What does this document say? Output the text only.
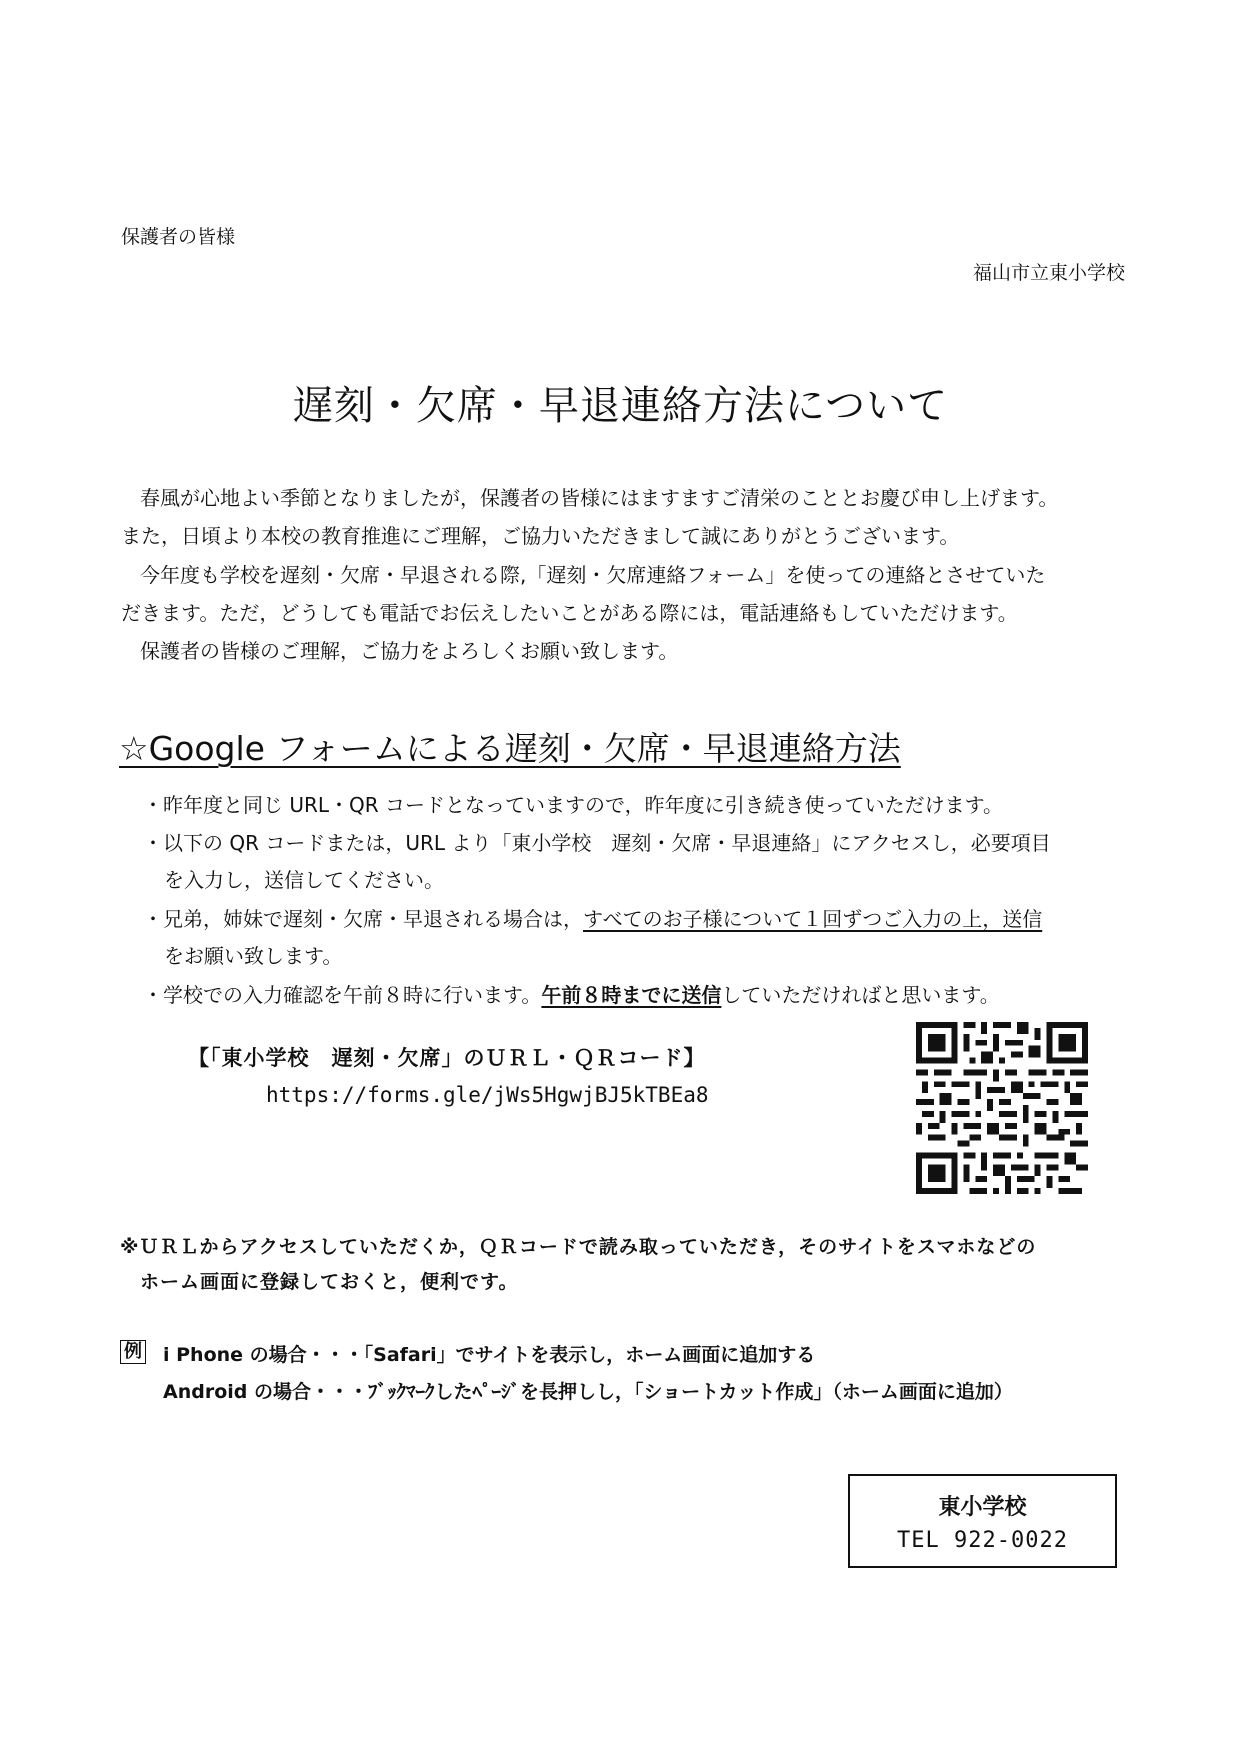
保護者の皆様
福山市立東小学校
遅刻・欠席・早退連絡方法について
春風が心地よい季節となりましたが，保護者の皆様にはますますご清栄のこととお慶び申し上げます。
また，日頃より本校の教育推進にご理解，ご協力いただきまして誠にありがとうございます。
今年度も学校を遅刻・欠席・早退される際,「遅刻・欠席連絡フォーム」を使っての連絡とさせていた
だきます。ただ，どうしても電話でお伝えしたいことがある際には，電話連絡もしていただけます。
保護者の皆様のご理解，ご協力をよろしくお願い致します。
☆Google フォームによる遅刻・欠席・早退連絡方法
・昨年度と同じ URL・QR コードとなっていますので，昨年度に引き続き使っていただけます。
・以下の QR コードまたは，URL より「東小学校　遅刻・欠席・早退連絡」にアクセスし，必要項目
を入力し，送信してください。
・兄弟，姉妹で遅刻・欠席・早退される場合は，すべてのお子様について１回ずつご入力の上，送信
をお願い致します。
・学校での入力確認を午前８時に行います。午前８時までに送信していただければと思います。
【「東小学校　遅刻・欠席」のＵＲＬ・ＱＲコード】
https://forms.gle/jWs5HgwjBJ5kTBEa8
※ＵＲＬからアクセスしていただくか，ＱＲコードで読み取っていただき，そのサイトをスマホなどの
ホーム画面に登録しておくと，便利です。
例 i Phone の場合・・・「Safari」でサイトを表示し，ホーム画面に追加する
Android の場合・・・ﾌﾞｯｸﾏｰｸしたﾍﾟｰｼﾞを長押しし，「ショートカット作成」（ホーム画面に追加）
東小学校
TEL 922-0022
